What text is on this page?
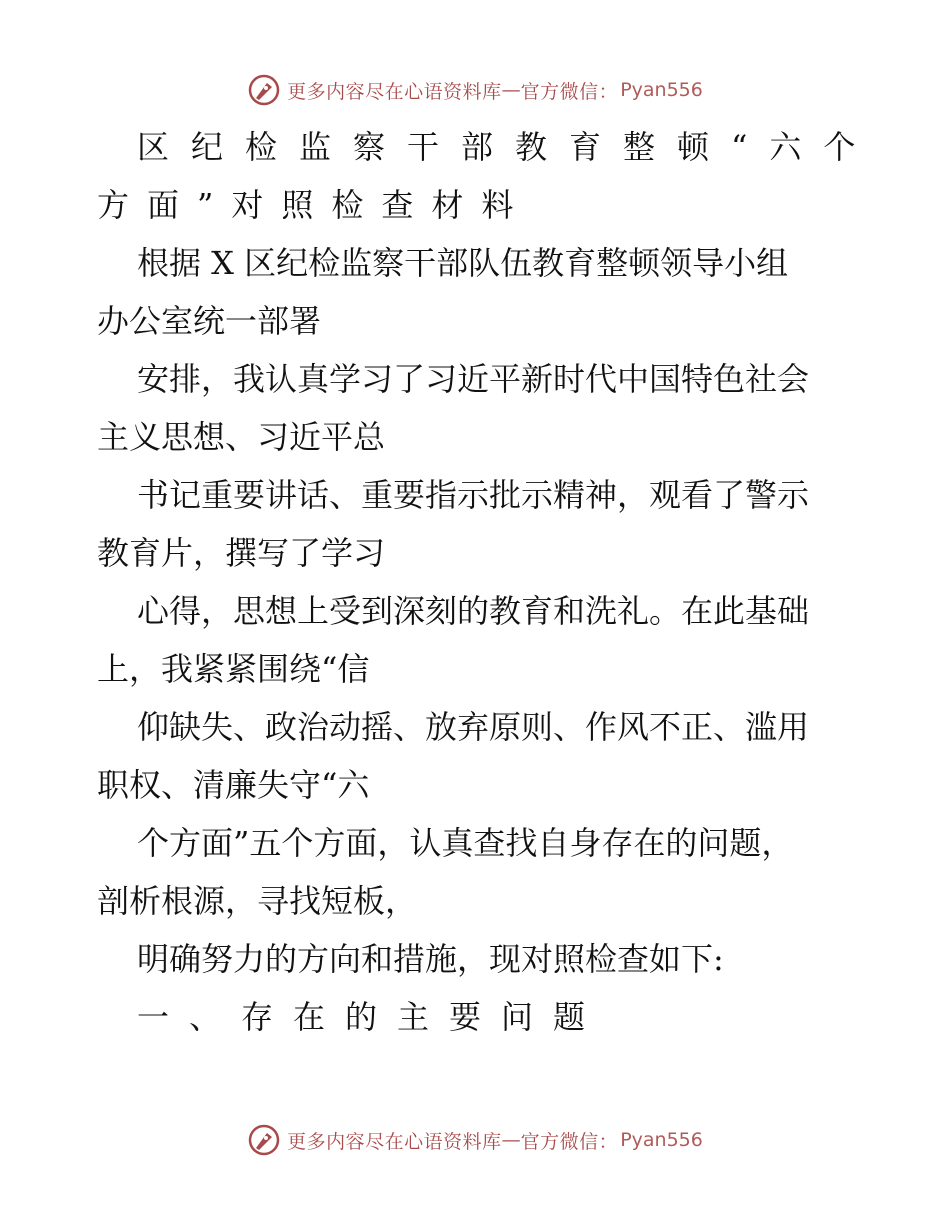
更多内容尽在心语资料库 — 官方微信： Pyan556
区纪检监察干部教育整顿“六个
方面”对照检查材料
根据 X 区纪检监察干部队伍教育整顿领导小组
办公室统一部署
安排，我认真学习了习近平新时代中国特色社会
主义思想、习近平总
书记重要讲话、重要指示批示精神，观看了警示
教育片，撰写了学习
心得，思想上受到深刻的教育和洗礼。在此基础
上，我紧紧围绕“信
仰缺失、政治动摇、放弃原则、作风不正、滥用
职权、清廉失守“六
个方面”五个方面，认真查找自身存在的问题，
剖析根源，寻找短板，
明确努力的方向和措施，现对照检查如下:
一、存在的主要问题
更多内容尽在心语资料库 — 官方微信： Pyan556
